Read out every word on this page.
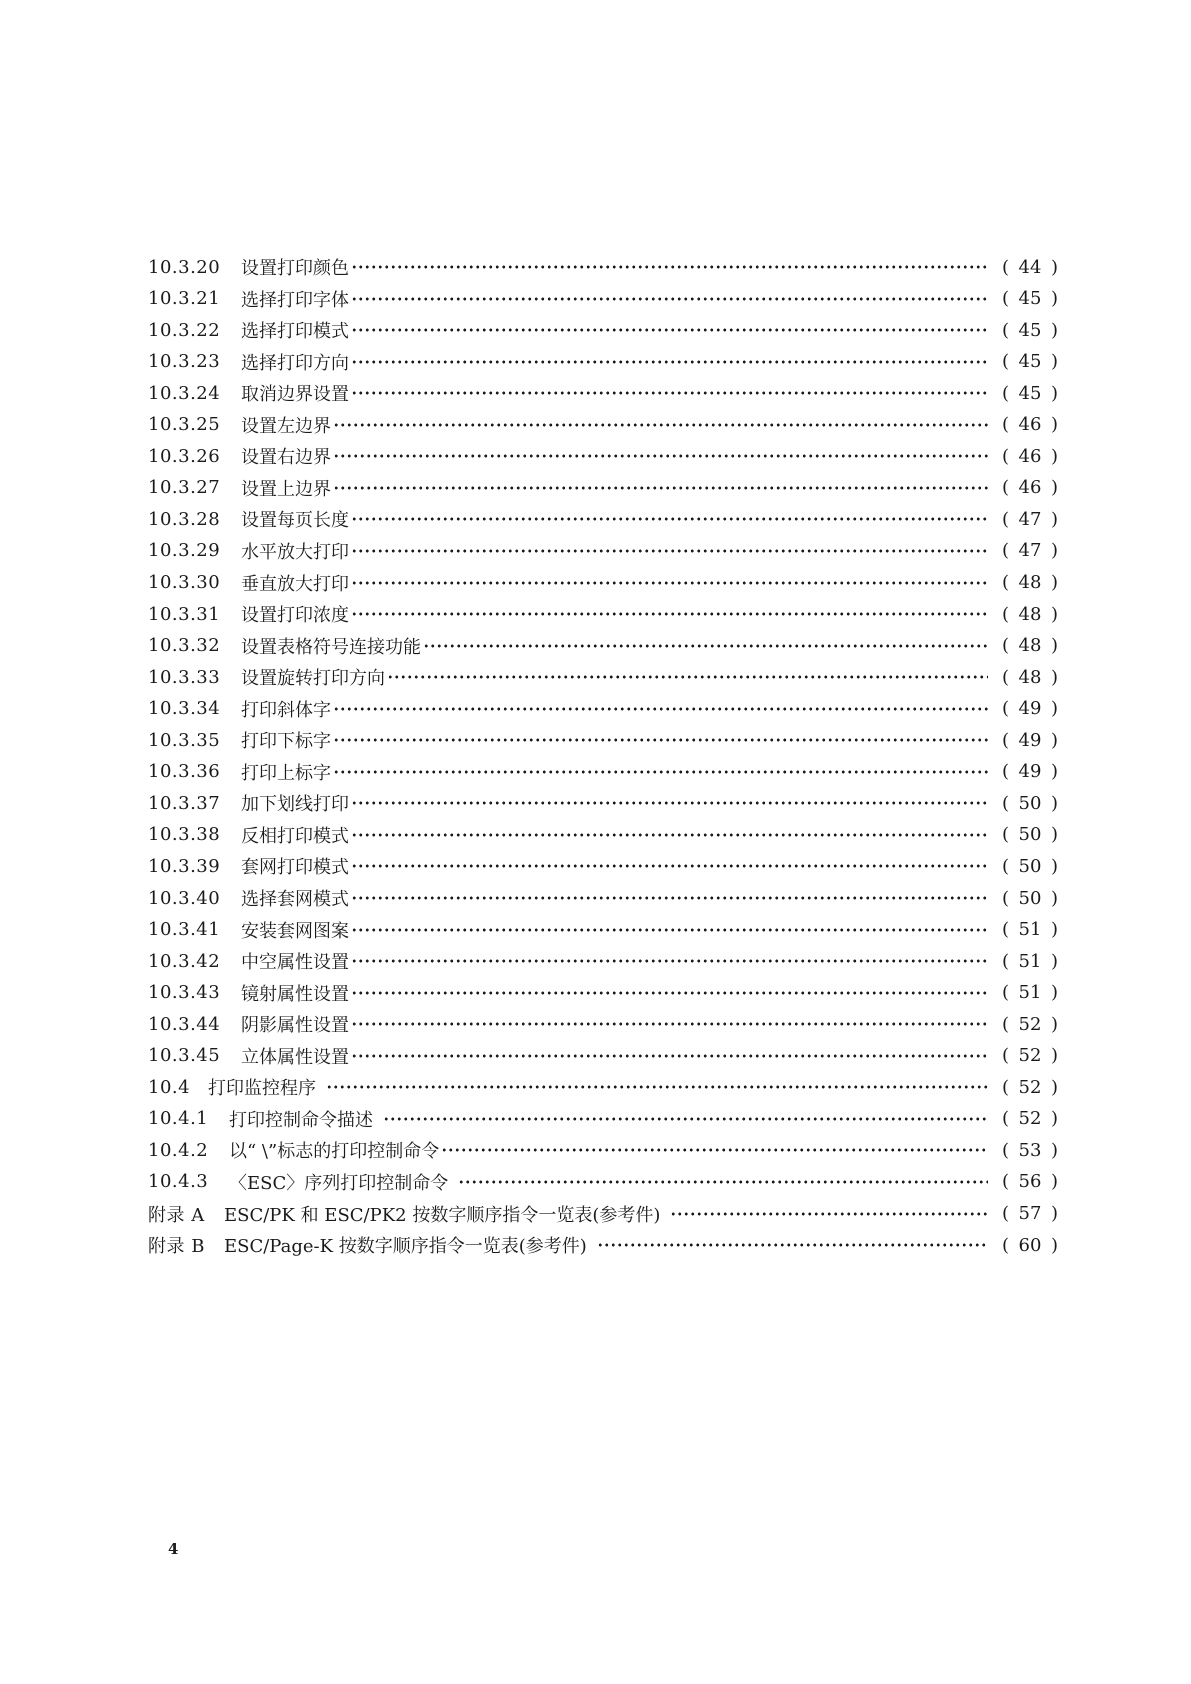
10.3.20 设置打印颜色	( 44 )
10.3.21 选择打印字体	( 45 )
10.3.22 选择打印模式	( 45 )
10.3.23 选择打印方向	( 45 )
10.3.24 取消边界设置	( 45 )
10.3.25 设置左边界	( 46 )
10.3.26 设置右边界	( 46 )
10.3.27 设置上边界	( 46 )
10.3.28 设置每页长度	( 47 )
10.3.29 水平放大打印	( 47 )
10.3.30 垂直放大打印	( 48 )
10.3.31 设置打印浓度	( 48 )
10.3.32 设置表格符号连接功能	( 48 )
10.3.33 设置旋转打印方向	( 48 )
10.3.34 打印斜体字	( 49 )
10.3.35 打印下标字	( 49 )
10.3.36 打印上标字	( 49 )
10.3.37 加下划线打印	( 50 )
10.3.38 反相打印模式	( 50 )
10.3.39 套网打印模式	( 50 )
10.3.40 选择套网模式	( 50 )
10.3.41 安装套网图案	( 51 )
10.3.42 中空属性设置	( 51 )
10.3.43 镜射属性设置	( 51 )
10.3.44 阴影属性设置	( 52 )
10.3.45 立体属性设置	( 52 )
10.4 打印监控程序	( 52 )
10.4.1 打印控制命令描述	( 52 )
10.4.2 以“ \”标志的打印控制命令	( 53 )
10.4.3 〈ESC〉序列打印控制命令	( 56 )
附录 A ESC/PK 和 ESC/PK2 按数字顺序指令一览表(参考件)	( 57 )
附录 B ESC/Page-K 按数字顺序指令一览表(参考件)	( 60 )
4
